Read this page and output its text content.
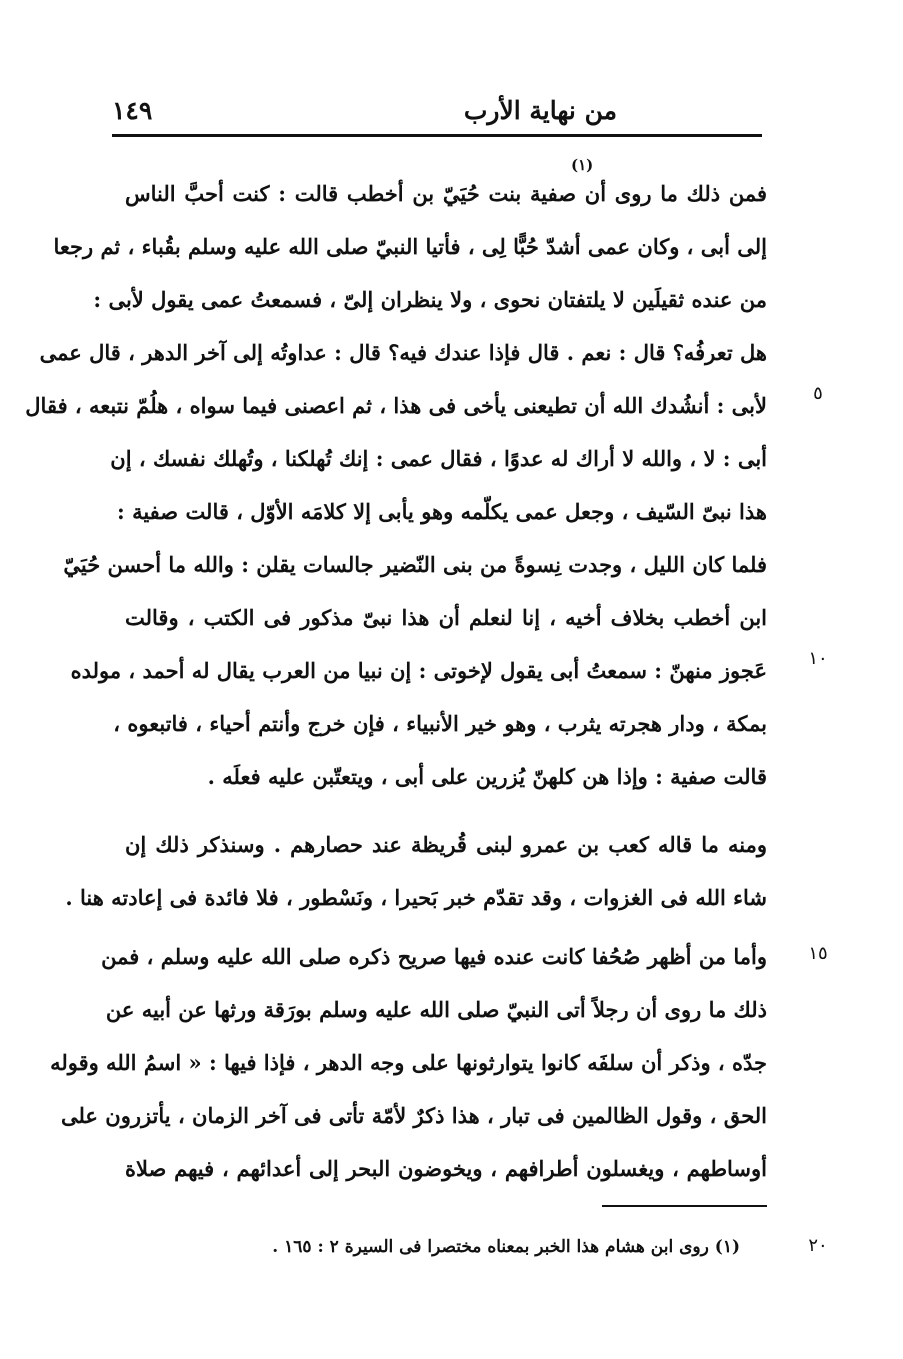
من نهاية الأرب
١٤٩
(١)
فمن ذلك ما روى أن صفية بنت حُيَيّ بن أخطب قالت : كنت أحبَّ الناس
إلى أبى ، وكان عمى أشدّ حُبًّا لِى ، فأتيا النبيّ صلى الله عليه وسلم بقُباء ، ثم رجعا
من عنده ثقيلَين لا يلتفتان نحوى ، ولا ينظران إلىّ ، فسمعتُ عمى يقول لأبى :
هل تعرفُه؟ قال : نعم . قال فإذا عندك فيه؟ قال : عداوتُه إلى آخر الدهر ، قال عمى
لأبى : أنشُدك الله أن تطيعنى يأخى فى هذا ، ثم اعصنى فيما سواه ، هلُمّ نتبعه ، فقال
أبى : لا ، والله لا أراك له عدوًا ، فقال عمى : إنك تُهلكنا ، وتُهلك نفسك ، إن
هذا نبىّ السّيف ، وجعل عمى يكلّمه وهو يأبى إلا كلامَه الأوّل ، قالت صفية :
فلما كان الليل ، وجدت نِسوةً من بنى النّضير جالسات يقلن : والله ما أحسن حُيَيّ
ابن أخطب بخلاف أخيه ، إنا لنعلم أن هذا نبىّ مذكور فى الكتب ، وقالت
عَجوز منهنّ : سمعتُ أبى يقول لإخوتى : إن نبيا من العرب يقال له أحمد ، مولده
بمكة ، ودار هجرته يثرب ، وهو خير الأنبياء ، فإن خرج وأنتم أحياء ، فاتبعوه ،
قالت صفية : وإذا هن كلهنّ يُزرين على أبى ، ويتعتّبن عليه فعلَه .
ومنه ما قاله كعب بن عمرو لبنى قُريظة عند حصارهم . وسنذكر ذلك إن
شاء الله فى الغزوات ، وقد تقدّم خبر بَحيرا ، ونَسْطور ، فلا فائدة فى إعادته هنا .
وأما من أظهر صُحُفا كانت عنده فيها صريح ذكره صلى الله عليه وسلم ، فمن
ذلك ما روى أن رجلاً أتى النبيّ صلى الله عليه وسلم بورَقة ورثها عن أبيه عن
جدّه ، وذكر أن سلفَه كانوا يتوارثونها على وجه الدهر ، فإذا فيها : « اسمُ الله وقوله
الحق ، وقول الظالمين فى تبار ، هذا ذكرٌ لأمّة تأتى فى آخر الزمان ، يأتزرون على
أوساطهم ، ويغسلون أطرافهم ، ويخوضون البحر إلى أعدائهم ، فيهم صلاة
٥
١٠
١٥
٢٠
(١) روى ابن هشام هذا الخبر بمعناه مختصرا فى السيرة ٢ : ١٦٥ .
